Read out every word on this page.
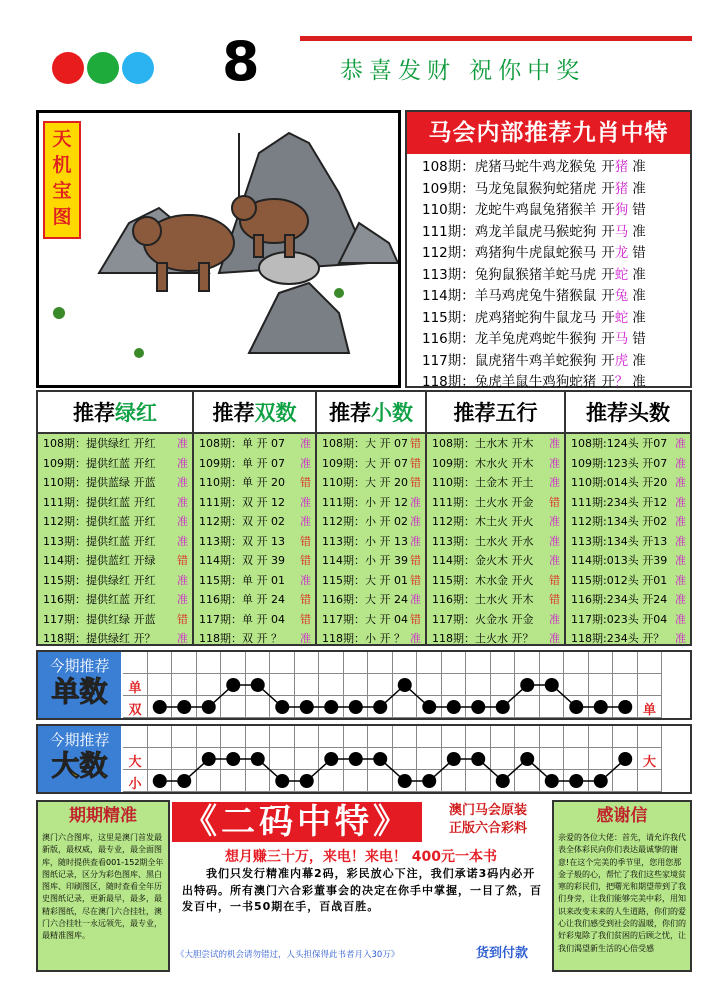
8	恭喜发财 祝你中奖
天机宝图
马会内部推荐九肖中特
108期：虎猪马蛇牛鸡龙猴兔 开猪 准
109期：马龙兔鼠猴狗蛇猪虎 开猪 准
110期：龙蛇牛鸡鼠兔猪猴羊 开狗 错
111期：鸡龙羊鼠虎马猴蛇狗 开马 准
112期：鸡猪狗牛虎鼠蛇猴马 开龙 错
113期：兔狗鼠猴猪羊蛇马虎 开蛇 准
114期：羊马鸡虎兔牛猪猴鼠 开兔 准
115期：虎鸡猪蛇狗牛鼠龙马 开蛇 准
116期：龙羊兔虎鸡蛇牛猴狗 开马 错
117期：鼠虎猪牛鸡羊蛇猴狗 开虎 准
118期：兔虎羊鼠牛鸡狗蛇猪 开？ 准
推荐绿红
108期：提供绿红 开红 准
109期：提供红蓝 开红 准
110期：提供蓝绿 开蓝 准
111期：提供红蓝 开红 准
112期：提供红蓝 开红 准
113期：提供红蓝 开红 准
114期：提供蓝红 开绿 错
115期：提供绿红 开红 准
116期：提供红蓝 开红 准
117期：提供红绿 开蓝 错
118期：提供绿红 开？ 准
推荐双数
108期：单 开 07 准
109期：单 开 07 准
110期：单 开 20 错
111期：双 开 12 准
112期：双 开 02 准
113期：双 开 13 错
114期：双 开 39 错
115期：单 开 01 准
116期：单 开 24 错
117期：单 开 04 错
118期：双 开 ？ 准
推荐小数
108期：大 开 07 错
109期：大 开 07 错
110期：大 开 20 错
111期：小 开 12 准
112期：小 开 02 准
113期：小 开 13 准
114期：小 开 39 错
115期：大 开 01 错
116期：大 开 24 准
117期：大 开 04 错
118期：小 开 ？ 准
推荐五行
108期：土水木 开木 准
109期：木水火 开木 准
110期：土金木 开土 准
111期：土火水 开金 错
112期：木土火 开火 准
113期：土水火 开水 准
114期：金火木 开火 准
115期：木水金 开火 错
116期：土水火 开木 错
117期：火金水 开金 准
118期：土火水 开？ 准
推荐头数
108期:124头 开07 准
109期:123头 开07 准
110期:014头 开20 准
111期:234头 开12 准
112期:134头 开02 准
113期:134头 开13 准
114期:013头 开39 准
115期:012头 开01 准
116期:234头 开24 准
117期:023头 开04 准
118期:234头 开？ 准
今期推荐
单数	单
双	单
今期推荐
大数	大
小
大
期期精准
澳门六合图库，这里是澳门首发最新版，最权威，最专业，最全面图库，随时提供查看001-152期全年图纸记录，区分为彩色图库、黑白图库、印刷图区，随时查看全年历史图纸记录，更新最早，最多，最精彩图纸，尽在澳门六合挂牡，澳门六合挂牡一永远领先，最专业，最精准图库。
《二码中特》	澳门马会原装
正版六合彩料
想月赚三十万，来电！来电！ 400元一本书
我们只发行精准内幕2码，彩民放心下注，我们承诺3码内必开出特码。所有澳门六合彩董事会的决定在你手中掌握，一目了然，百发百中，一书50期在手，百战百胜。
《大胆尝试的机会请勿错过，人头担保得此书者月入30万》	货到付款
感谢信
亲爱的各位大佬：首先，请允许我代表全体彩民向你们表达最诚挚的谢意!在这个完美的季节里，您用您那金子般的心，帮忙了我们这些家境贫寒的彩民们，把曙光和期望带到了我们身旁，让我们能够完美中彩，用知识来改变未来的人生道路，你们的爱心让我们感受到社会的温暖，你们的好彩鬼除了我们贫困的后顾之忧，让我们渴望新生活的心倍受感
